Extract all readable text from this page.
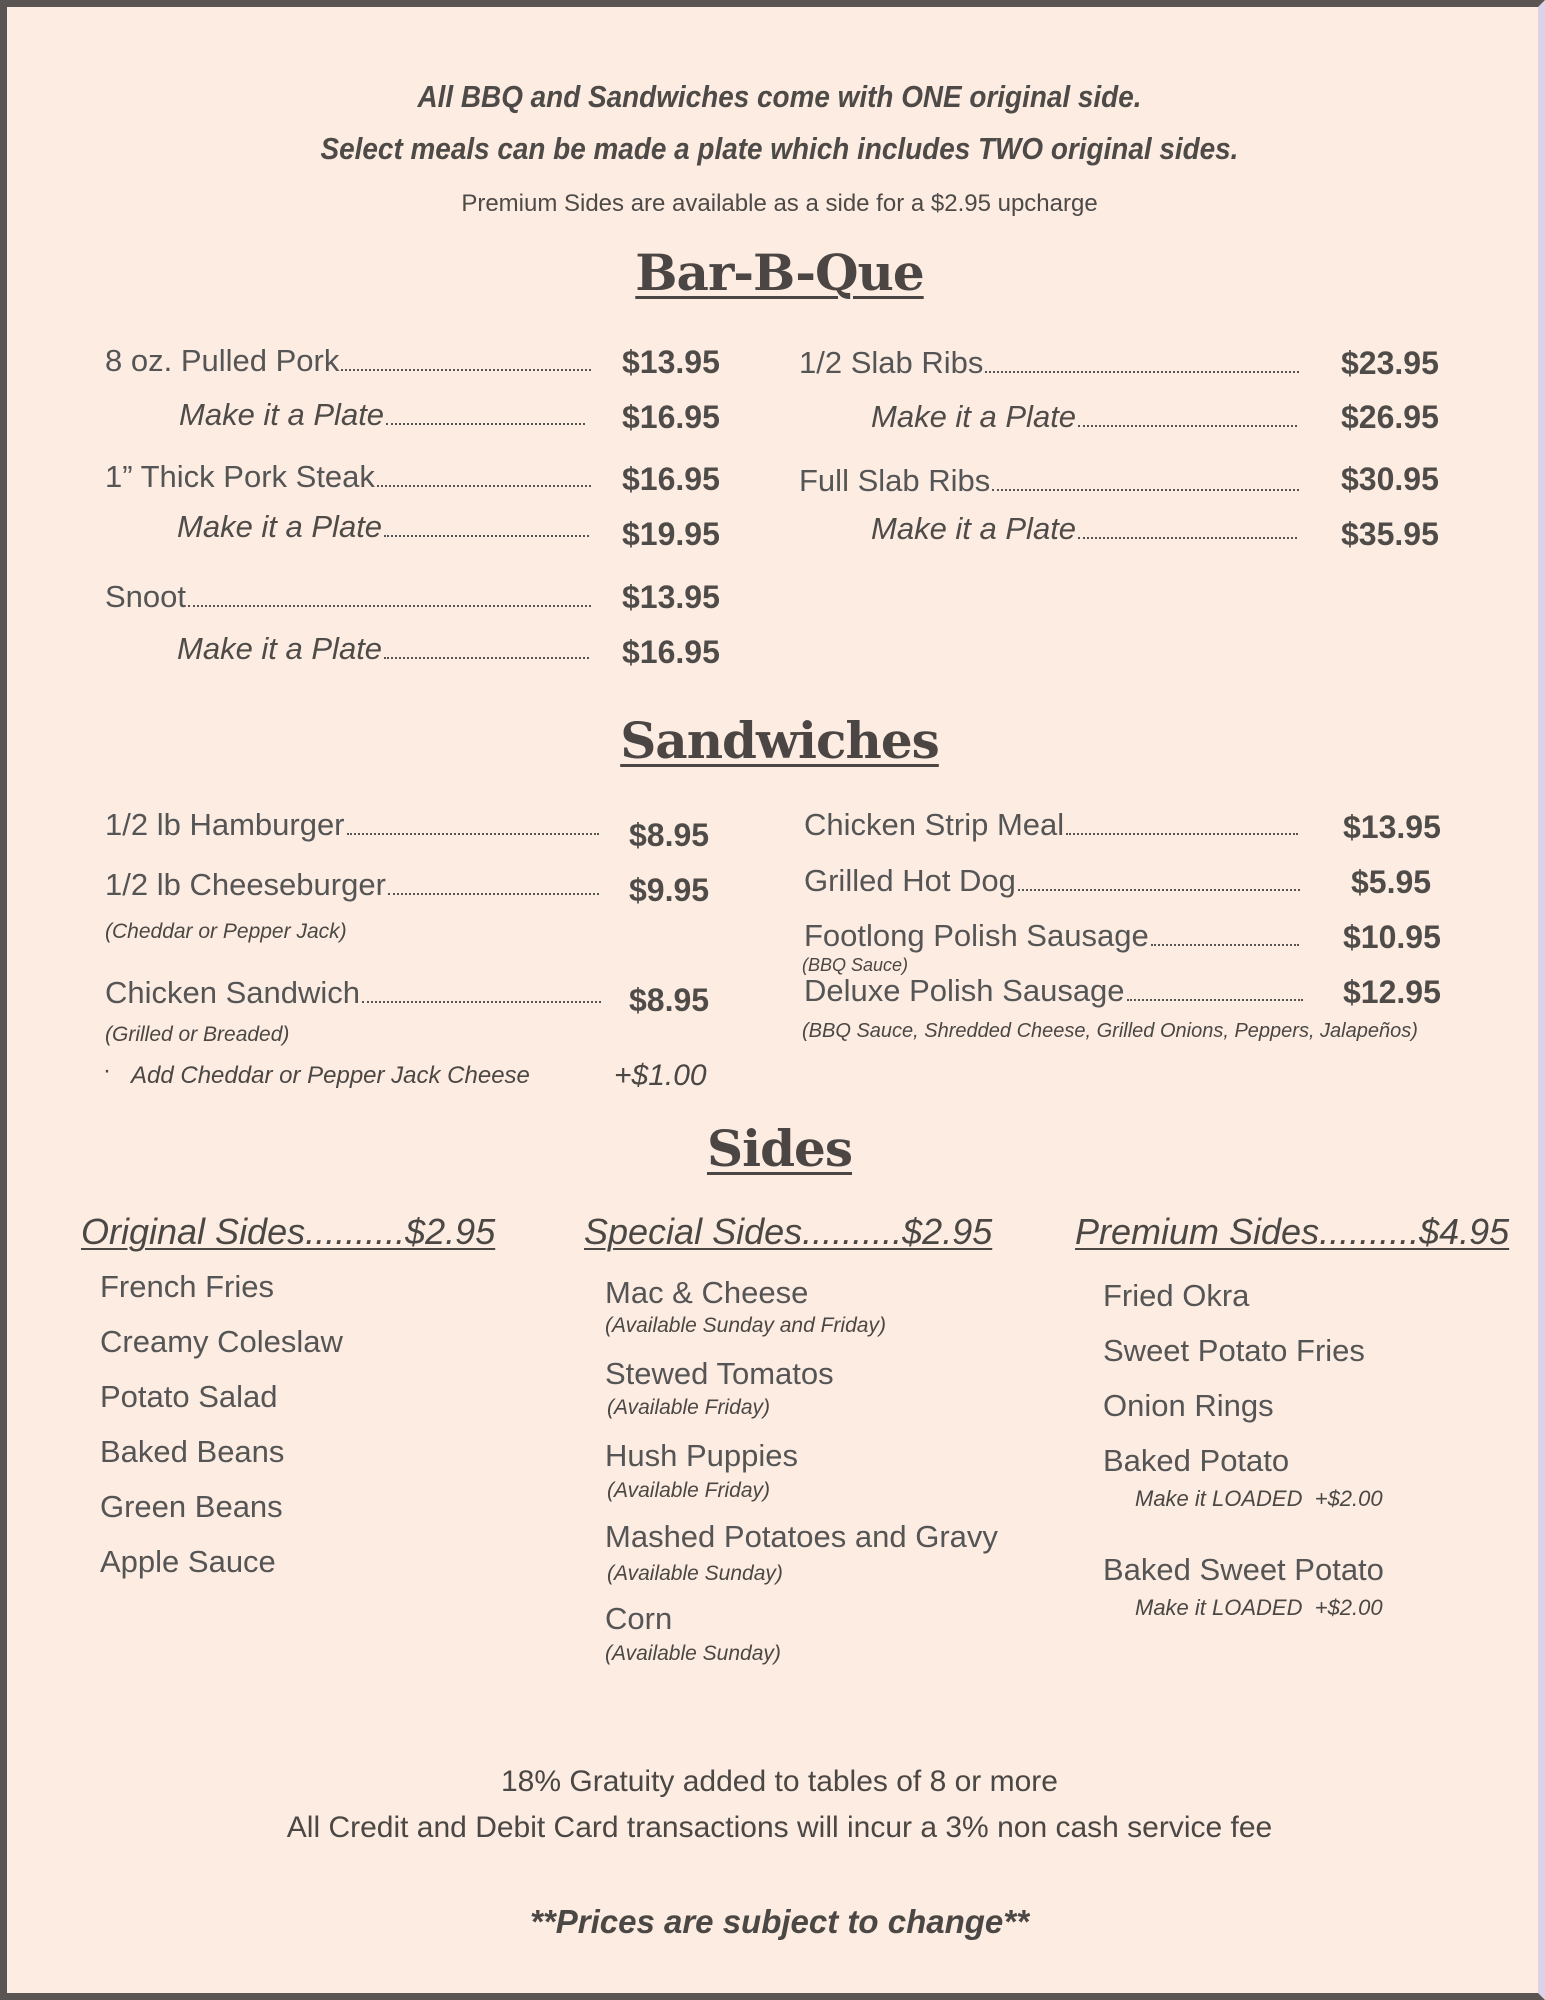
All BBQ and Sandwiches come with ONE original side.
Select meals can be made a plate which includes TWO original sides.
Premium Sides are available as a side for a $2.95 upcharge
Bar-B-Que
8 oz. Pulled Pork	$13.95
Make it a Plate	$16.95
1” Thick Pork Steak	$16.95
Make it a Plate	$19.95
Snoot	$13.95
Make it a Plate	$16.95
1/2 Slab Ribs	$23.95
Make it a Plate	$26.95
Full Slab Ribs	$30.95
Make it a Plate	$35.95
Sandwiches
1/2 lb Hamburger	$8.95
1/2 lb Cheeseburger	$9.95
(Cheddar or Pepper Jack)
Chicken Sandwich	$8.95
(Grilled or Breaded)
· Add Cheddar or Pepper Jack Cheese	+$1.00
Chicken Strip Meal	$13.95
Grilled Hot Dog	$5.95
Footlong Polish Sausage	$10.95
(BBQ Sauce)
Deluxe Polish Sausage	$12.95
(BBQ Sauce, Shredded Cheese, Grilled Onions, Peppers, Jalapeños)
Sides
Original Sides..........$2.95 Special Sides..........$2.95 Premium Sides..........$4.95
French Fries
Creamy Coleslaw
Potato Salad
Baked Beans
Green Beans
Apple Sauce
Mac & Cheese
(Available Sunday and Friday)
Stewed Tomatos
(Available Friday)
Hush Puppies
(Available Friday)
Mashed Potatoes and Gravy
(Available Sunday)
Corn
(Available Sunday)
Fried Okra
Sweet Potato Fries
Onion Rings
Baked Potato
Make it LOADED  +$2.00
Baked Sweet Potato
Make it LOADED  +$2.00
18% Gratuity added to tables of 8 or more
All Credit and Debit Card transactions will incur a 3% non cash service fee
**Prices are subject to change**
